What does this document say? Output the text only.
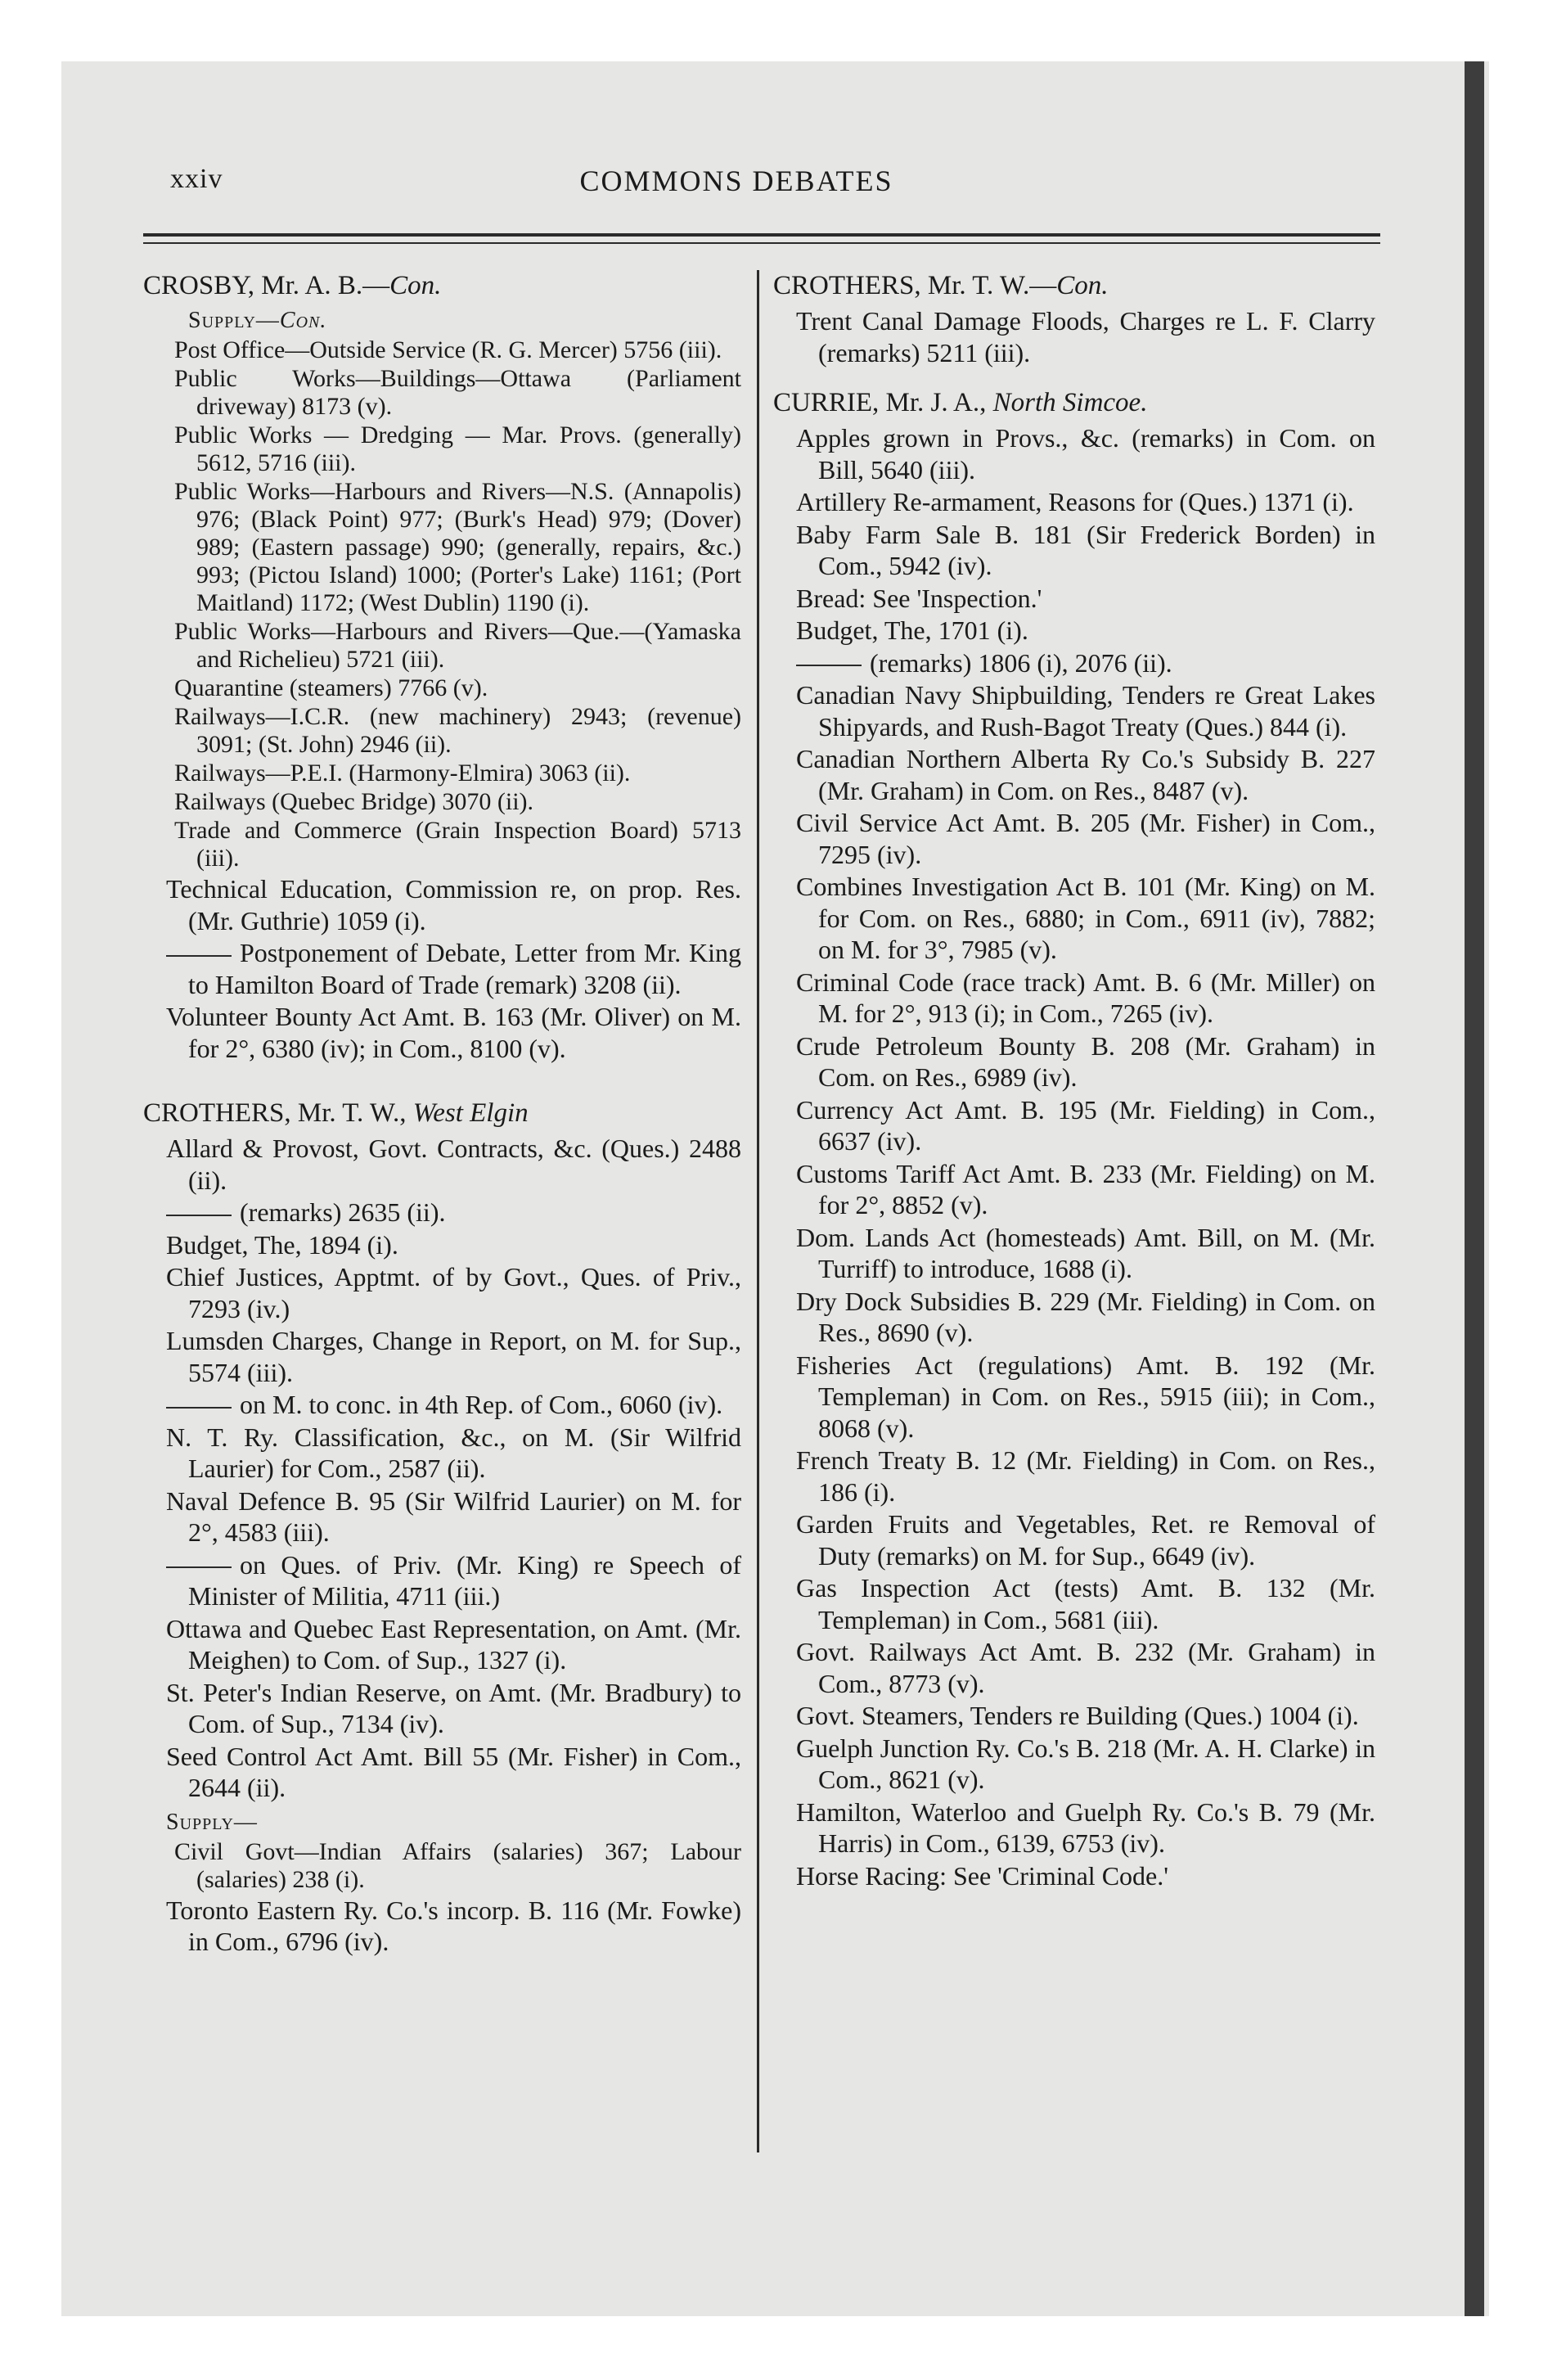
xxiv	COMMONS DEBATES

CROSBY, Mr. A. B.—Con.

Supply—Con.

Post Office—Outside Service (R. G. Mercer) 5756 (iii).

Public Works—Buildings—Ottawa (Parliament driveway) 8173 (v).

Public Works — Dredging — Mar. Provs. (generally) 5612, 5716 (iii).

Public Works—Harbours and Rivers—N.S. (Annapolis) 976; (Black Point) 977; (Burk's Head) 979; (Dover) 989; (Eastern passage) 990; (generally, repairs, &c.) 993; (Pictou Island) 1000; (Porter's Lake) 1161; (Port Maitland) 1172; (West Dublin) 1190 (i).

Public Works—Harbours and Rivers—Que.—(Yamaska and Richelieu) 5721 (iii).

Quarantine (steamers) 7766 (v).

Railways—I.C.R. (new machinery) 2943; (revenue) 3091; (St. John) 2946 (ii).

Railways—P.E.I. (Harmony-Elmira) 3063 (ii).

Railways (Quebec Bridge) 3070 (ii).

Trade and Commerce (Grain Inspection Board) 5713 (iii).

Technical Education, Commission re, on prop. Res. (Mr. Guthrie) 1059 (i).

Postponement of Debate, Letter from Mr. King to Hamilton Board of Trade (remark) 3208 (ii).

Volunteer Bounty Act Amt. B. 163 (Mr. Oliver) on M. for 2°, 6380 (iv); in Com., 8100 (v).

CROTHERS, Mr. T. W., West Elgin

Allard & Provost, Govt. Contracts, &c. (Ques.) 2488 (ii).

(remarks) 2635 (ii).

Budget, The, 1894 (i).

Chief Justices, Apptmt. of by Govt., Ques. of Priv., 7293 (iv.)

Lumsden Charges, Change in Report, on M. for Sup., 5574 (iii).

on M. to conc. in 4th Rep. of Com., 6060 (iv).

N. T. Ry. Classification, &c., on M. (Sir Wilfrid Laurier) for Com., 2587 (ii).

Naval Defence B. 95 (Sir Wilfrid Laurier) on M. for 2°, 4583 (iii).

on Ques. of Priv. (Mr. King) re Speech of Minister of Militia, 4711 (iii.)

Ottawa and Quebec East Representation, on Amt. (Mr. Meighen) to Com. of Sup., 1327 (i).

St. Peter's Indian Reserve, on Amt. (Mr. Bradbury) to Com. of Sup., 7134 (iv).

Seed Control Act Amt. Bill 55 (Mr. Fisher) in Com., 2644 (ii).

Supply—

Civil Govt—Indian Affairs (salaries) 367; Labour (salaries) 238 (i).

Toronto Eastern Ry. Co.'s incorp. B. 116 (Mr. Fowke) in Com., 6796 (iv).

CROTHERS, Mr. T. W.—Con.

Trent Canal Damage Floods, Charges re L. F. Clarry (remarks) 5211 (iii).

CURRIE, Mr. J. A., North Simcoe.

Apples grown in Provs., &c. (remarks) in Com. on Bill, 5640 (iii).

Artillery Re-armament, Reasons for (Ques.) 1371 (i).

Baby Farm Sale B. 181 (Sir Frederick Borden) in Com., 5942 (iv).

Bread: See 'Inspection.'

Budget, The, 1701 (i).

(remarks) 1806 (i), 2076 (ii).

Canadian Navy Shipbuilding, Tenders re Great Lakes Shipyards, and Rush-Bagot Treaty (Ques.) 844 (i).

Canadian Northern Alberta Ry Co.'s Subsidy B. 227 (Mr. Graham) in Com. on Res., 8487 (v).

Civil Service Act Amt. B. 205 (Mr. Fisher) in Com., 7295 (iv).

Combines Investigation Act B. 101 (Mr. King) on M. for Com. on Res., 6880; in Com., 6911 (iv), 7882; on M. for 3°, 7985 (v).

Criminal Code (race track) Amt. B. 6 (Mr. Miller) on M. for 2°, 913 (i); in Com., 7265 (iv).

Crude Petroleum Bounty B. 208 (Mr. Graham) in Com. on Res., 6989 (iv).

Currency Act Amt. B. 195 (Mr. Fielding) in Com., 6637 (iv).

Customs Tariff Act Amt. B. 233 (Mr. Fielding) on M. for 2°, 8852 (v).

Dom. Lands Act (homesteads) Amt. Bill, on M. (Mr. Turriff) to introduce, 1688 (i).

Dry Dock Subsidies B. 229 (Mr. Fielding) in Com. on Res., 8690 (v).

Fisheries Act (regulations) Amt. B. 192 (Mr. Templeman) in Com. on Res., 5915 (iii); in Com., 8068 (v).

French Treaty B. 12 (Mr. Fielding) in Com. on Res., 186 (i).

Garden Fruits and Vegetables, Ret. re Removal of Duty (remarks) on M. for Sup., 6649 (iv).

Gas Inspection Act (tests) Amt. B. 132 (Mr. Templeman) in Com., 5681 (iii).

Govt. Railways Act Amt. B. 232 (Mr. Graham) in Com., 8773 (v).

Govt. Steamers, Tenders re Building (Ques.) 1004 (i).

Guelph Junction Ry. Co.'s B. 218 (Mr. A. H. Clarke) in Com., 8621 (v).

Hamilton, Waterloo and Guelph Ry. Co.'s B. 79 (Mr. Harris) in Com., 6139, 6753 (iv).

Horse Racing: See 'Criminal Code.'
